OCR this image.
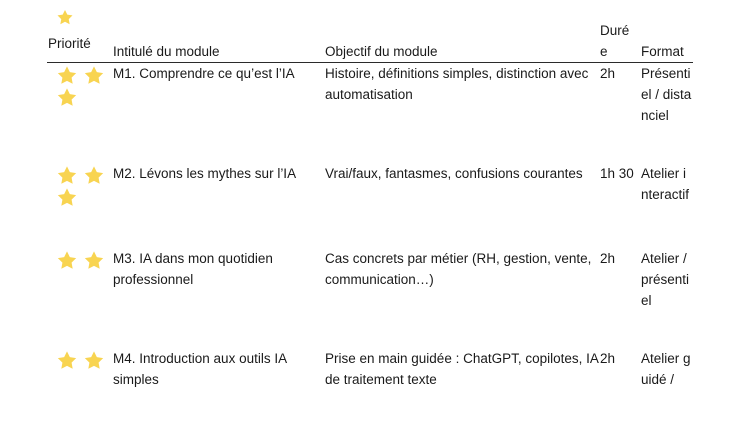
Priorité	Intitulé du module	Objectif du module	Durée	Format

	M1. Comprendre ce qu’est l’IA	Histoire, définitions simples, distinction avec automatisation	2h	Présentiel / distanciel

	M2. Lévons les mythes sur l’IA	Vrai/faux, fantasmes, confusions courantes	1h 30	Atelier interactif

	M3. IA dans mon quotidien professionnel	Cas concrets par métier (RH, gestion, vente, communication…)	2h	Atelier / présentiel

	M4. Introduction aux outils IA simples	Prise en main guidée : ChatGPT, copilotes, IA de traitement texte	2h	Atelier guidé /
